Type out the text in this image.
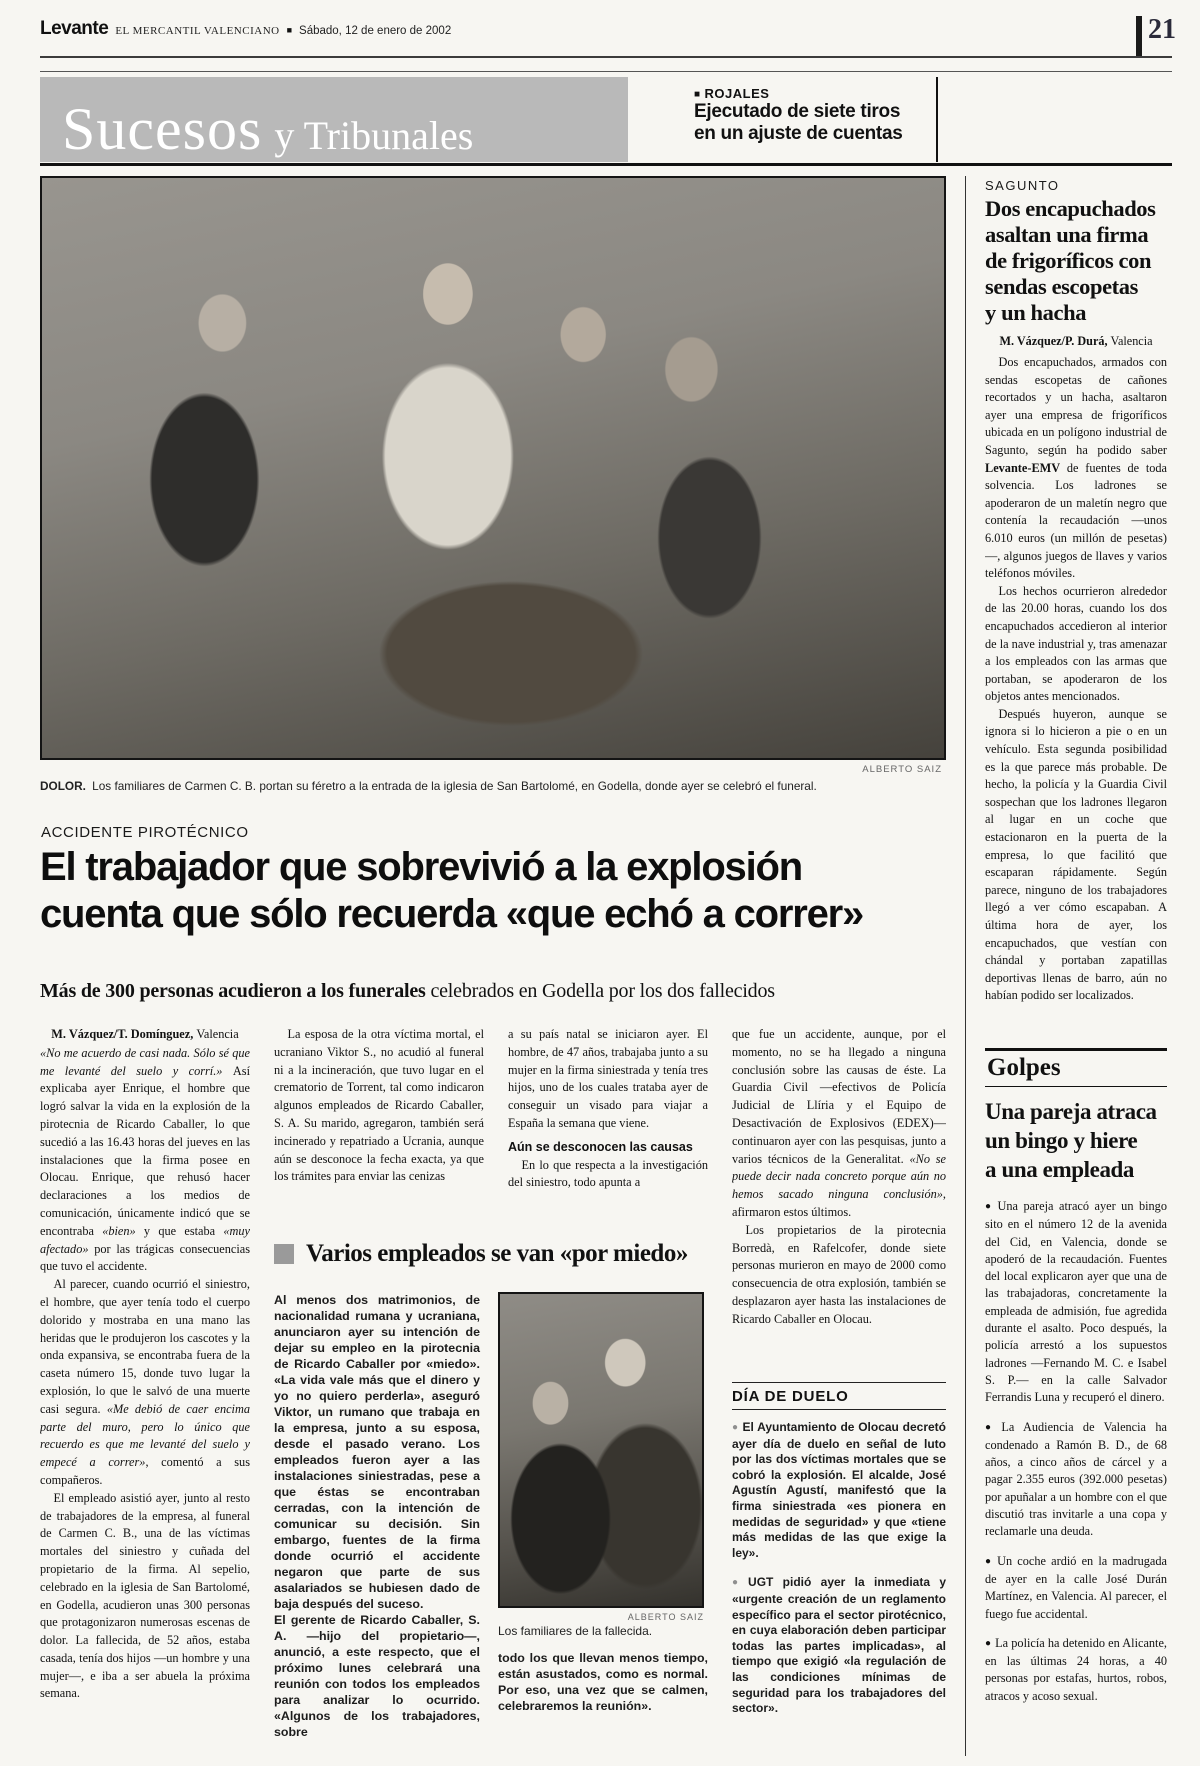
Levante EL MERCANTIL VALENCIANO ■ Sábado, 12 de enero de 2002	21
Sucesos y Tribunales
■ ROJALES
Ejecutado de siete tiros
en un ajuste de cuentas
ALBERTO SAIZ
DOLOR. Los familiares de Carmen C. B. portan su féretro a la entrada de la iglesia de San Bartolomé, en Godella, donde ayer se celebró el funeral.
ACCIDENTE PIROTÉCNICO
El trabajador que sobrevivió a la explosión
cuenta que sólo recuerda «que echó a correr»
Más de 300 personas acudieron a los funerales celebrados en Godella por los dos fallecidos

M. Vázquez/T. Domínguez, Valencia

«No me acuerdo de casi nada. Sólo sé que me levanté del suelo y corrí.» Así explicaba ayer Enrique, el hombre que logró salvar la vida en la explosión de la pirotecnia de Ricardo Caballer, lo que sucedió a las 16.43 horas del jueves en las instalaciones que la firma posee en Olocau. Enrique, que rehusó hacer declaraciones a los medios de comunicación, únicamente indicó que se encontraba «bien» y que estaba «muy afectado» por las trágicas consecuencias que tuvo el accidente.

Al parecer, cuando ocurrió el siniestro, el hombre, que ayer tenía todo el cuerpo dolorido y mostraba en una mano las heridas que le produjeron los cascotes y la onda expansiva, se encontraba fuera de la caseta número 15, donde tuvo lugar la explosión, lo que le salvó de una muerte casi segura. «Me debió de caer encima parte del muro, pero lo único que recuerdo es que me levanté del suelo y empecé a correr», comentó a sus compañeros.

El empleado asistió ayer, junto al resto de trabajadores de la empresa, al funeral de Carmen C. B., una de las víctimas mortales del siniestro y cuñada del propietario de la firma. Al sepelio, celebrado en la iglesia de San Bartolomé, en Godella, acudieron unas 300 personas que protagonizaron numerosas escenas de dolor. La fallecida, de 52 años, estaba casada, tenía dos hijos —un hombre y una mujer—, e iba a ser abuela la próxima semana.

La esposa de la otra víctima mortal, el ucraniano Viktor S., no acudió al funeral ni a la incineración, que tuvo lugar en el crematorio de Torrent, tal como indicaron algunos empleados de Ricardo Caballer, S. A. Su marido, agregaron, también será incinerado y repatriado a Ucrania, aunque aún se desconoce la fecha exacta, ya que los trámites para enviar las cenizas

a su país natal se iniciaron ayer. El hombre, de 47 años, trabajaba junto a su mujer en la firma siniestrada y tenía tres hijos, uno de los cuales trataba ayer de conseguir un visado para viajar a España la semana que viene.

Aún se desconocen las causas

En lo que respecta a la investigación del siniestro, todo apunta a

que fue un accidente, aunque, por el momento, no se ha llegado a ninguna conclusión sobre las causas de éste. La Guardia Civil —efectivos de Policía Judicial de Llíria y el Equipo de Desactivación de Explosivos (EDEX)— continuaron ayer con las pesquisas, junto a varios técnicos de la Generalitat. «No se puede decir nada concreto porque aún no hemos sacado ninguna conclusión», afirmaron estos últimos.

Los propietarios de la pirotecnia Borredà, en Rafelcofer, donde siete personas murieron en mayo de 2000 como consecuencia de otra explosión, también se desplazaron ayer hasta las instalaciones de Ricardo Caballer en Olocau.

Varios empleados se van «por miedo»

Al menos dos matrimonios, de nacionalidad rumana y ucraniana, anunciaron ayer su intención de dejar su empleo en la pirotecnia de Ricardo Caballer por «miedo». «La vida vale más que el dinero y yo no quiero perderla», aseguró Viktor, un rumano que trabaja en la empresa, junto a su esposa, desde el pasado verano. Los empleados fueron ayer a las instalaciones siniestradas, pese a que éstas se encontraban cerradas, con la intención de comunicar su decisión. Sin embargo, fuentes de la firma donde ocurrió el accidente negaron que parte de sus asalariados se hubiesen dado de baja después del suceso.

El gerente de Ricardo Caballer, S. A. —hijo del propietario—, anunció, a este respecto, que el próximo lunes celebrará una reunión con todos los empleados para analizar lo ocurrido. «Algunos de los trabajadores, sobre

ALBERTO SAIZ
Los familiares de la fallecida.

todo los que llevan menos tiempo, están asustados, como es normal. Por eso, una vez que se calmen, celebraremos la reunión».

DÍA DE DUELO

● El Ayuntamiento de Olocau decretó ayer día de duelo en señal de luto por las dos víctimas mortales que se cobró la explosión. El alcalde, José Agustín Agustí, manifestó que la firma siniestrada «es pionera en medidas de seguridad» y que «tiene más medidas de las que exige la ley».

● UGT pidió ayer la inmediata y «urgente creación de un reglamento específico para el sector pirotécnico, en cuya elaboración deben participar todas las partes implicadas», al tiempo que exigió «la regulación de las condiciones mínimas de seguridad para los trabajadores del sector».

SAGUNTO
Dos encapuchados
asaltan una firma
de frigoríficos con
sendas escopetas
y un hacha
M. Vázquez/P. Durá, Valencia

Dos encapuchados, armados con sendas escopetas de cañones recortados y un hacha, asaltaron ayer una empresa de frigoríficos ubicada en un polígono industrial de Sagunto, según ha podido saber Levante-EMV de fuentes de toda solvencia. Los ladrones se apoderaron de un maletín negro que contenía la recaudación —unos 6.010 euros (un millón de pesetas)—, algunos juegos de llaves y varios teléfonos móviles.

Los hechos ocurrieron alrededor de las 20.00 horas, cuando los dos encapuchados accedieron al interior de la nave industrial y, tras amenazar a los empleados con las armas que portaban, se apoderaron de los objetos antes mencionados.

Después huyeron, aunque se ignora si lo hicieron a pie o en un vehículo. Esta segunda posibilidad es la que parece más probable. De hecho, la policía y la Guardia Civil sospechan que los ladrones llegaron al lugar en un coche que estacionaron en la puerta de la empresa, lo que facilitó que escaparan rápidamente. Según parece, ninguno de los trabajadores llegó a ver cómo escapaban. A última hora de ayer, los encapuchados, que vestían con chándal y portaban zapatillas deportivas llenas de barro, aún no habían podido ser localizados.

Golpes
Una pareja atraca
un bingo y hiere
a una empleada

● Una pareja atracó ayer un bingo sito en el número 12 de la avenida del Cid, en Valencia, donde se apoderó de la recaudación. Fuentes del local explicaron ayer que una de las trabajadoras, concretamente la empleada de admisión, fue agredida durante el asalto. Poco después, la policía arrestó a los supuestos ladrones —Fernando M. C. e Isabel S. P.— en la calle Salvador Ferrandis Luna y recuperó el dinero.

● La Audiencia de Valencia ha condenado a Ramón B. D., de 68 años, a cinco años de cárcel y a pagar 2.355 euros (392.000 pesetas) por apuñalar a un hombre con el que discutió tras invitarle a una copa y reclamarle una deuda.

● Un coche ardió en la madrugada de ayer en la calle José Durán Martínez, en Valencia. Al parecer, el fuego fue accidental.

● La policía ha detenido en Alicante, en las últimas 24 horas, a 40 personas por estafas, hurtos, robos, atracos y acoso sexual.
